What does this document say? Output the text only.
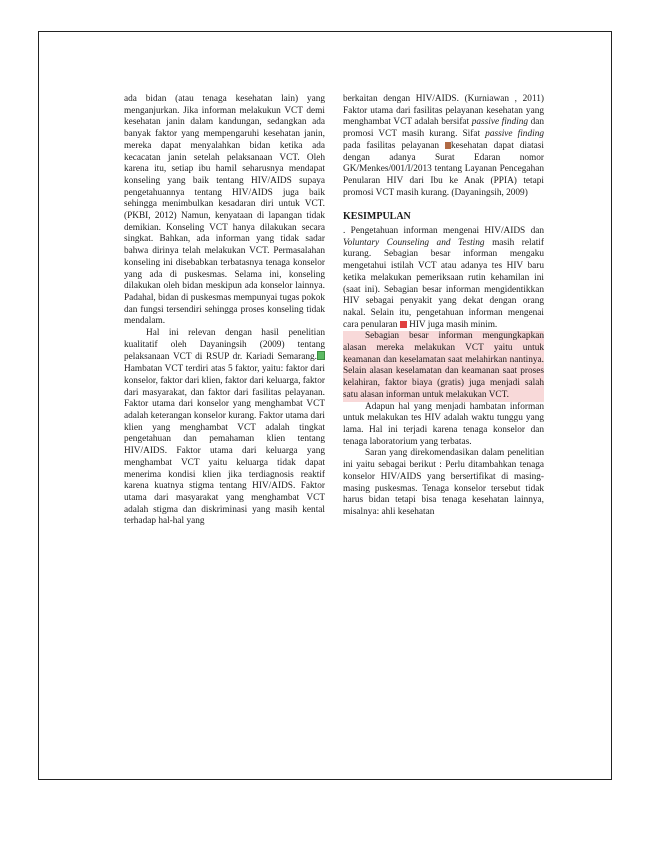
ada bidan (atau tenaga kesehatan lain) yang menganjurkan. Jika informan melakukun VCT demi kesehatan janin dalam kandungan, sedangkan ada banyak faktor yang mempengaruhi kesehatan janin, mereka dapat menyalahkan bidan ketika ada kecacatan janin setelah pelaksanaan VCT. Oleh karena itu, setiap ibu hamil seharusnya mendapat konseling yang baik tentang HIV/AIDS supaya pengetahuannya tentang HIV/AIDS juga baik sehingga menimbulkan kesadaran diri untuk VCT. (PKBI, 2012) Namun, kenyataan di lapangan tidak demikian. Konseling VCT hanya dilakukan secara singkat. Bahkan, ada informan yang tidak sadar bahwa dirinya telah melakukan VCT. Permasalahan konseling ini disebabkan terbatasnya tenaga konselor yang ada di puskesmas. Selama ini, konseling dilakukan oleh bidan meskipun ada konselor lainnya. Padahal, bidan di puskesmas mempunyai tugas pokok dan fungsi tersendiri sehingga proses konseling tidak mendalam.

Hal ini relevan dengan hasil penelitian kualitatif oleh Dayaningsih (2009) tentang pelaksanaan VCT di RSUP dr. Kariadi Semarang.Hambatan VCT terdiri atas 5 faktor, yaitu: faktor dari konselor, faktor dari klien, faktor dari keluarga, faktor dari masyarakat, dan faktor dari fasilitas pelayanan. Faktor utama dari konselor yang menghambat VCT adalah keterangan konselor kurang. Faktor utama dari klien yang menghambat VCT adalah tingkat pengetahuan dan pemahaman klien tentang HIV/AIDS. Faktor utama dari keluarga yang menghambat VCT yaitu keluarga tidak dapat menerima kondisi klien jika terdiagnosis reaktif karena kuatnya stigma tentang HIV/AIDS. Faktor utama dari masyarakat yang menghambat VCT adalah stigma dan diskriminasi yang masih kental terhadap hal-hal yang

berkaitan dengan HIV/AIDS. (Kurniawan , 2011) Faktor utama dari fasilitas pelayanan kesehatan yang menghambat VCT adalah bersifat passive finding dan promosi VCT masih kurang. Sifat passive finding pada fasilitas pelayanan kesehatan dapat diatasi dengan adanya Surat Edaran nomor GK/Menkes/001/I/2013 tentang Layanan Pencegahan Penularan HIV dari Ibu ke Anak (PPIA) tetapi promosi VCT masih kurang. (Dayaningsih, 2009)

KESIMPULAN

. Pengetahuan informan mengenai HIV/AIDS dan Voluntary Counseling and Testing masih relatif kurang. Sebagian besar informan mengaku mengetahui istilah VCT atau adanya tes HIV baru ketika melakukan pemeriksaan rutin kehamilan ini (saat ini). Sebagian besar informan mengidentikkan HIV sebagai penyakit yang dekat dengan orang nakal. Selain itu, pengetahuan informan mengenai cara penularan HIV juga masih minim.

Sebagian besar informan mengungkapkan alasan mereka melakukan VCT yaitu untuk keamanan dan keselamatan saat melahirkan nantinya. Selain alasan keselamatan dan keamanan saat proses kelahiran, faktor biaya (gratis) juga menjadi salah satu alasan informan untuk melakukan VCT.

Adapun hal yang menjadi hambatan informan untuk melakukan tes HIV adalah waktu tunggu yang lama. Hal ini terjadi karena tenaga konselor dan tenaga laboratorium yang terbatas.

Saran yang direkomendasikan dalam penelitian ini yaitu sebagai berikut : Perlu ditambahkan tenaga konselor HIV/AIDS yang bersertifikat di masing-masing puskesmas. Tenaga konselor tersebut tidak harus bidan tetapi bisa tenaga kesehatan lainnya, misalnya: ahli kesehatan
